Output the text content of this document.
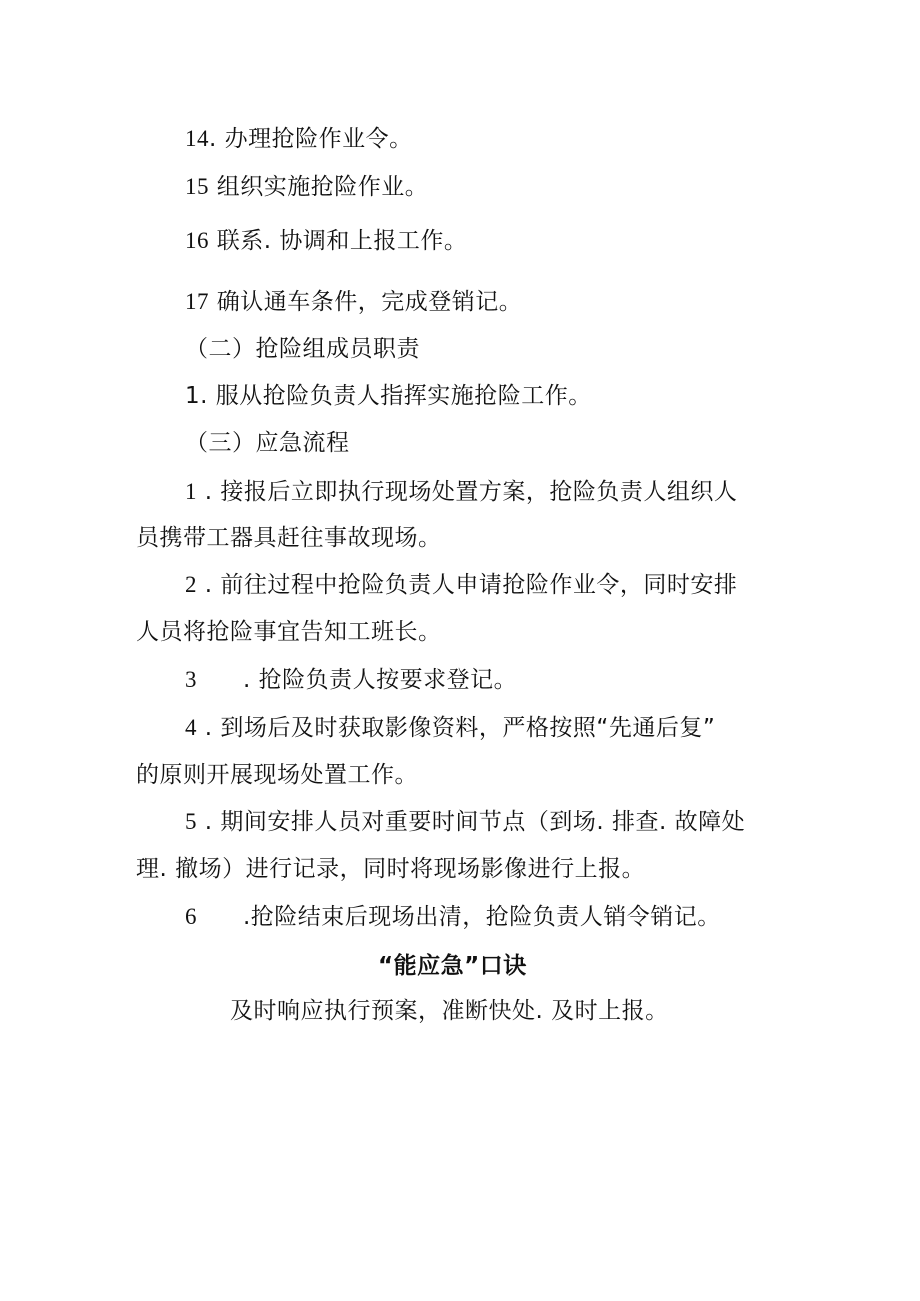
14. 办理抢险作业令。
15 组织实施抢险作业。
16 联系. 协调和上报工作。
17 确认通车条件，完成登销记。
（二）抢险组成员职责
1. 服从抢险负责人指挥实施抢险工作。
（三）应急流程
1 . 接报后立即执行现场处置方案，抢险负责人组织人
员携带工器具赶往事故现场。
2 . 前往过程中抢险负责人申请抢险作业令，同时安排
人员将抢险事宜告知工班长。
3 . 抢险负责人按要求登记。
4 . 到场后及时获取影像资料，严格按照“先通后复”
的原则开展现场处置工作。
5 . 期间安排人员对重要时间节点（到场. 排查. 故障处
理. 撤场）进行记录，同时将现场影像进行上报。
6 .抢险结束后现场出清，抢险负责人销令销记。
“能应急”口诀
及时响应执行预案，准断快处. 及时上报。
